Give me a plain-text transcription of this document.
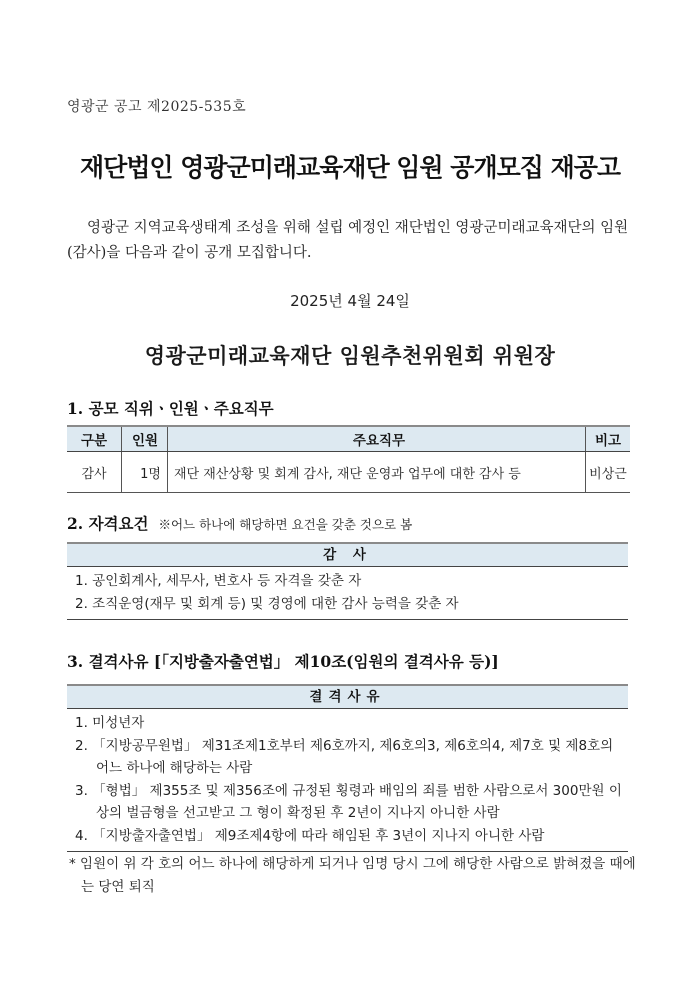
영광군 공고 제2025-535호
재단법인 영광군미래교육재단 임원 공개모집 재공고
영광군 지역교육생태계 조성을 위해 설립 예정인 재단법인 영광군미래교육재단의 임원(감사)을 다음과 같이 공개 모집합니다.
2025년 4월 24일
영광군미래교육재단 임원추천위원회 위원장
1. 공모 직위ㆍ인원ㆍ주요직무
구분	인원	주요직무	비고
감사	1명	재단 재산상황 및 회계 감사, 재단 운영과 업무에 대한 감사 등	비상근
2. 자격요건 ※어느 하나에 해당하면 요건을 갖춘 것으로 봄
감 사
1. 공인회계사, 세무사, 변호사 등 자격을 갖춘 자
2. 조직운영(재무 및 회계 등) 및 경영에 대한 감사 능력을 갖춘 자
3. 결격사유 [「지방출자출연법」 제10조(임원의 결격사유 등)]
결격사유
1. 미성년자
2. 「지방공무원법」 제31조제1호부터 제6호까지, 제6호의3, 제6호의4, 제7호 및 제8호의 어느 하나에 해당하는 사람
3. 「형법」 제355조 및 제356조에 규정된 횡령과 배임의 죄를 범한 사람으로서 300만원 이상의 벌금형을 선고받고 그 형이 확정된 후 2년이 지나지 아니한 사람
4. 「지방출자출연법」 제9조제4항에 따라 해임된 후 3년이 지나지 아니한 사람
* 임원이 위 각 호의 어느 하나에 해당하게 되거나 임명 당시 그에 해당한 사람으로 밝혀졌을 때에는 당연 퇴직
